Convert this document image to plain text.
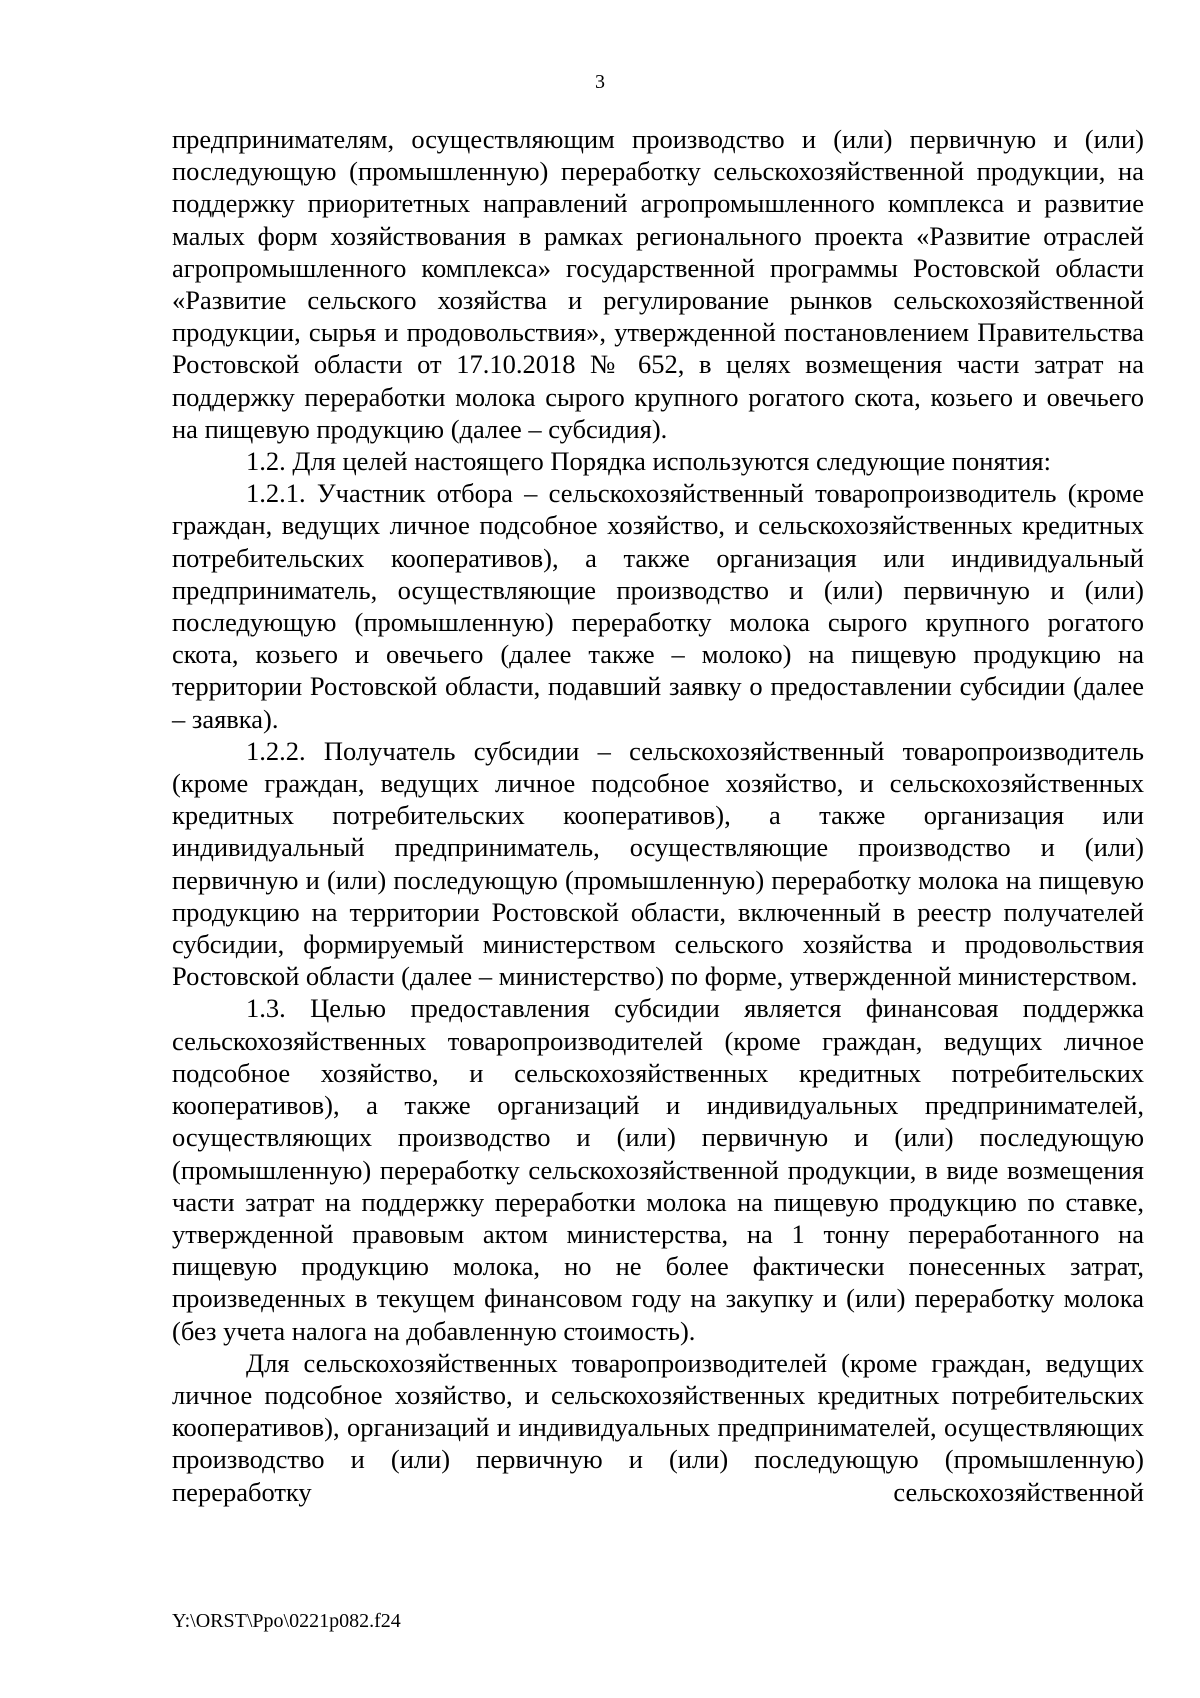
3

предпринимателям, осуществляющим производство и (или) первичную и (или) последующую (промышленную) переработку сельскохозяйственной продукции, на поддержку приоритетных направлений агропромышленного комплекса и развитие малых форм хозяйствования в рамках регионального проекта «Развитие отраслей агропромышленного комплекса» государственной программы Ростовской области «Развитие сельского хозяйства и регулирование рынков сельскохозяйственной продукции, сырья и продовольствия», утвержденной постановлением Правительства Ростовской области от 17.10.2018 № 652, в целях возмещения части затрат на поддержку переработки молока сырого крупного рогатого скота, козьего и овечьего на пищевую продукцию (далее – субсидия).

1.2. Для целей настоящего Порядка используются следующие понятия:

1.2.1. Участник отбора – сельскохозяйственный товаропроизводитель (кроме граждан, ведущих личное подсобное хозяйство, и сельскохозяйственных кредитных потребительских кооперативов), а также организация или индивидуальный предприниматель, осуществляющие производство и (или) первичную и (или) последующую (промышленную) переработку молока сырого крупного рогатого скота, козьего и овечьего (далее также – молоко) на пищевую продукцию на территории Ростовской области, подавший заявку о предоставлении субсидии (далее – заявка).

1.2.2. Получатель субсидии – сельскохозяйственный товаропроизводитель (кроме граждан, ведущих личное подсобное хозяйство, и сельскохозяйственных кредитных потребительских кооперативов), а также организация или индивидуальный предприниматель, осуществляющие производство и (или) первичную и (или) последующую (промышленную) переработку молока на пищевую продукцию на территории Ростовской области, включенный в реестр получателей субсидии, формируемый министерством сельского хозяйства и продовольствия Ростовской области (далее – министерство) по форме, утвержденной министерством.

1.3. Целью предоставления субсидии является финансовая поддержка сельскохозяйственных товаропроизводителей (кроме граждан, ведущих личное подсобное хозяйство, и сельскохозяйственных кредитных потребительских кооперативов), а также организаций и индивидуальных предпринимателей, осуществляющих производство и (или) первичную и (или) последующую (промышленную) переработку сельскохозяйственной продукции, в виде возмещения части затрат на поддержку переработки молока на пищевую продукцию по ставке, утвержденной правовым актом министерства, на 1 тонну переработанного на пищевую продукцию молока, но не более фактически понесенных затрат, произведенных в текущем финансовом году на закупку и (или) переработку молока (без учета налога на добавленную стоимость).

Для сельскохозяйственных товаропроизводителей (кроме граждан, ведущих личное подсобное хозяйство, и сельскохозяйственных кредитных потребительских кооперативов), организаций и индивидуальных предпринимателей, осуществляющих производство и (или) первичную и (или) последующую (промышленную) переработку сельскохозяйственной

Y:\ORST\Ppo\0221p082.f24
